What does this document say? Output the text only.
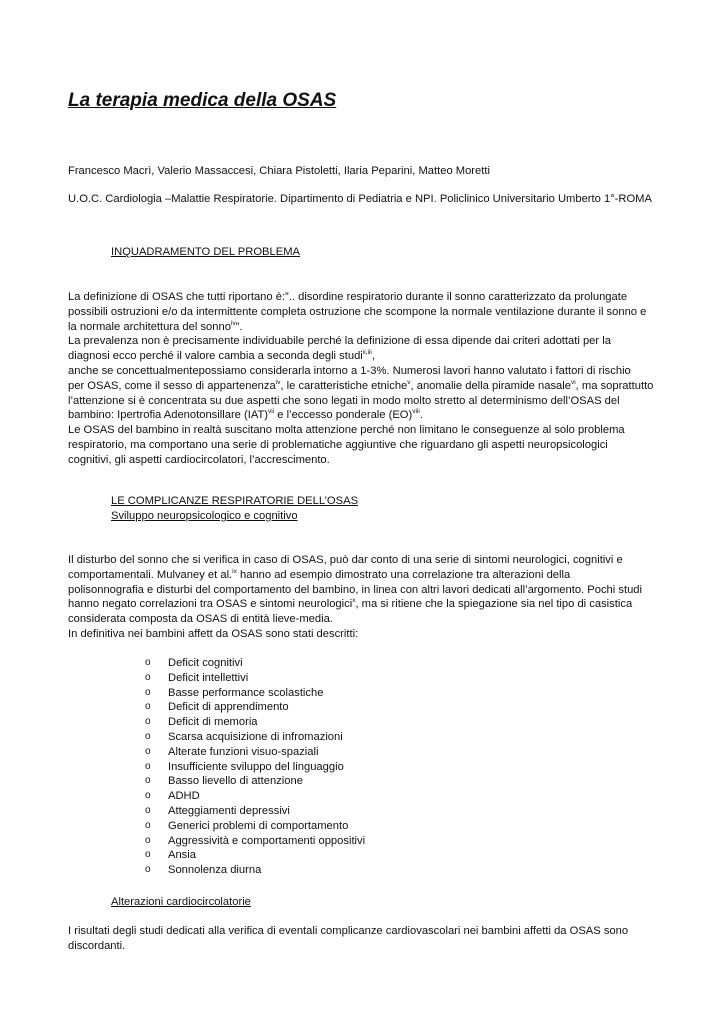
La terapia medica della OSAS

Francesco Macrì, Valerio Massaccesi, Chiara Pistoletti, Ilaria Peparini, Matteo Moretti

U.O.C. Cardiologia –Malattie Respiratorie. Dipartimento di Pediatria e NPI. Policlinico Universitario Umberto 1°-ROMA

INQUADRAMENTO DEL PROBLEMA

La definizione di OSAS che tutti riportano è:”.. disordine respiratorio durante il sonno caratterizzato da prolungate
possibili ostruzioni e/o da intermittente completa ostruzione che scompone la normale ventilazione durante il sonno e
la normale architettura del sonno$^{iv}$”.
La prevalenza non è precisamente individuabile perché la definizione di essa dipende dai criteri adottati per la
diagnosi ecco perché il valore cambia a seconda degli studi$^{ii,iii}$,
anche se concettualmentepossiamo considerarla intorno a 1-3%. Numerosi lavori hanno valutato i fattori di rischio
per OSAS, come il sesso di appartenenza$^{iv}$, le caratteristiche etniche$^v$, anomalie della piramide nasale$^{vi}$, ma soprattutto
l’attenzione si è concentrata su due aspetti che sono legati in modo molto stretto al determinismo dell’OSAS del
bambino: Ipertrofia Adenotonsillare (IAT)$^{vii}$ e l’eccesso ponderale (EO)$^{viii}$.
Le OSAS del bambino in realtà suscitano molta attenzione perché non limitano le conseguenze al solo problema
respiratorio, ma comportano una serie di problematiche aggiuntive che riguardano gli aspetti neuropsicologici
cognitivi, gli aspetti cardiocircolatori, l’accrescimento.

LE COMPLICANZE RESPIRATORIE DELL’OSAS

Sviluppo neuropsicologico e cognitivo

Il disturbo del sonno che si verifica in caso di OSAS, può dar conto di una serie di sintomi neurologici, cognitivi e
comportamentali. Mulvaney et al.$^{ix}$ hanno ad esempio dimostrato una correlazione tra alterazioni della
polisonnografia e disturbi del comportamento del bambino, in linea con altri lavori dedicati all’argomento. Pochi studi
hanno negato correlazioni tra OSAS e sintomi neurologici$^x$, ma si ritiene che la spiegazione sia nel tipo di casistica
considerata composta da OSAS di entità lieve-media.
In definitiva nei bambini affett da OSAS sono stati descritti:
o	Deficit cognitivi
o	Deficit intellettivi
o	Basse performance scolastiche
o	Deficit di apprendimento
o	Deficit di memoria
o	Scarsa acquisizione di infromazioni
o	Alterate funzioni visuo-spaziali
o	Insufficiente sviluppo del linguaggio
o	Basso lievello di attenzione
o	ADHD
o	Atteggiamenti depressivi
o	Generici problemi di comportamento
o	Aggressività e comportamenti oppositivi
o	Ansia
o	Sonnolenza diurna

Alterazioni cardiocircolatorie

I risultati degli studi dedicati alla verifica di eventali complicanze cardiovascolari nei bambini affetti da OSAS sono
discordanti.
